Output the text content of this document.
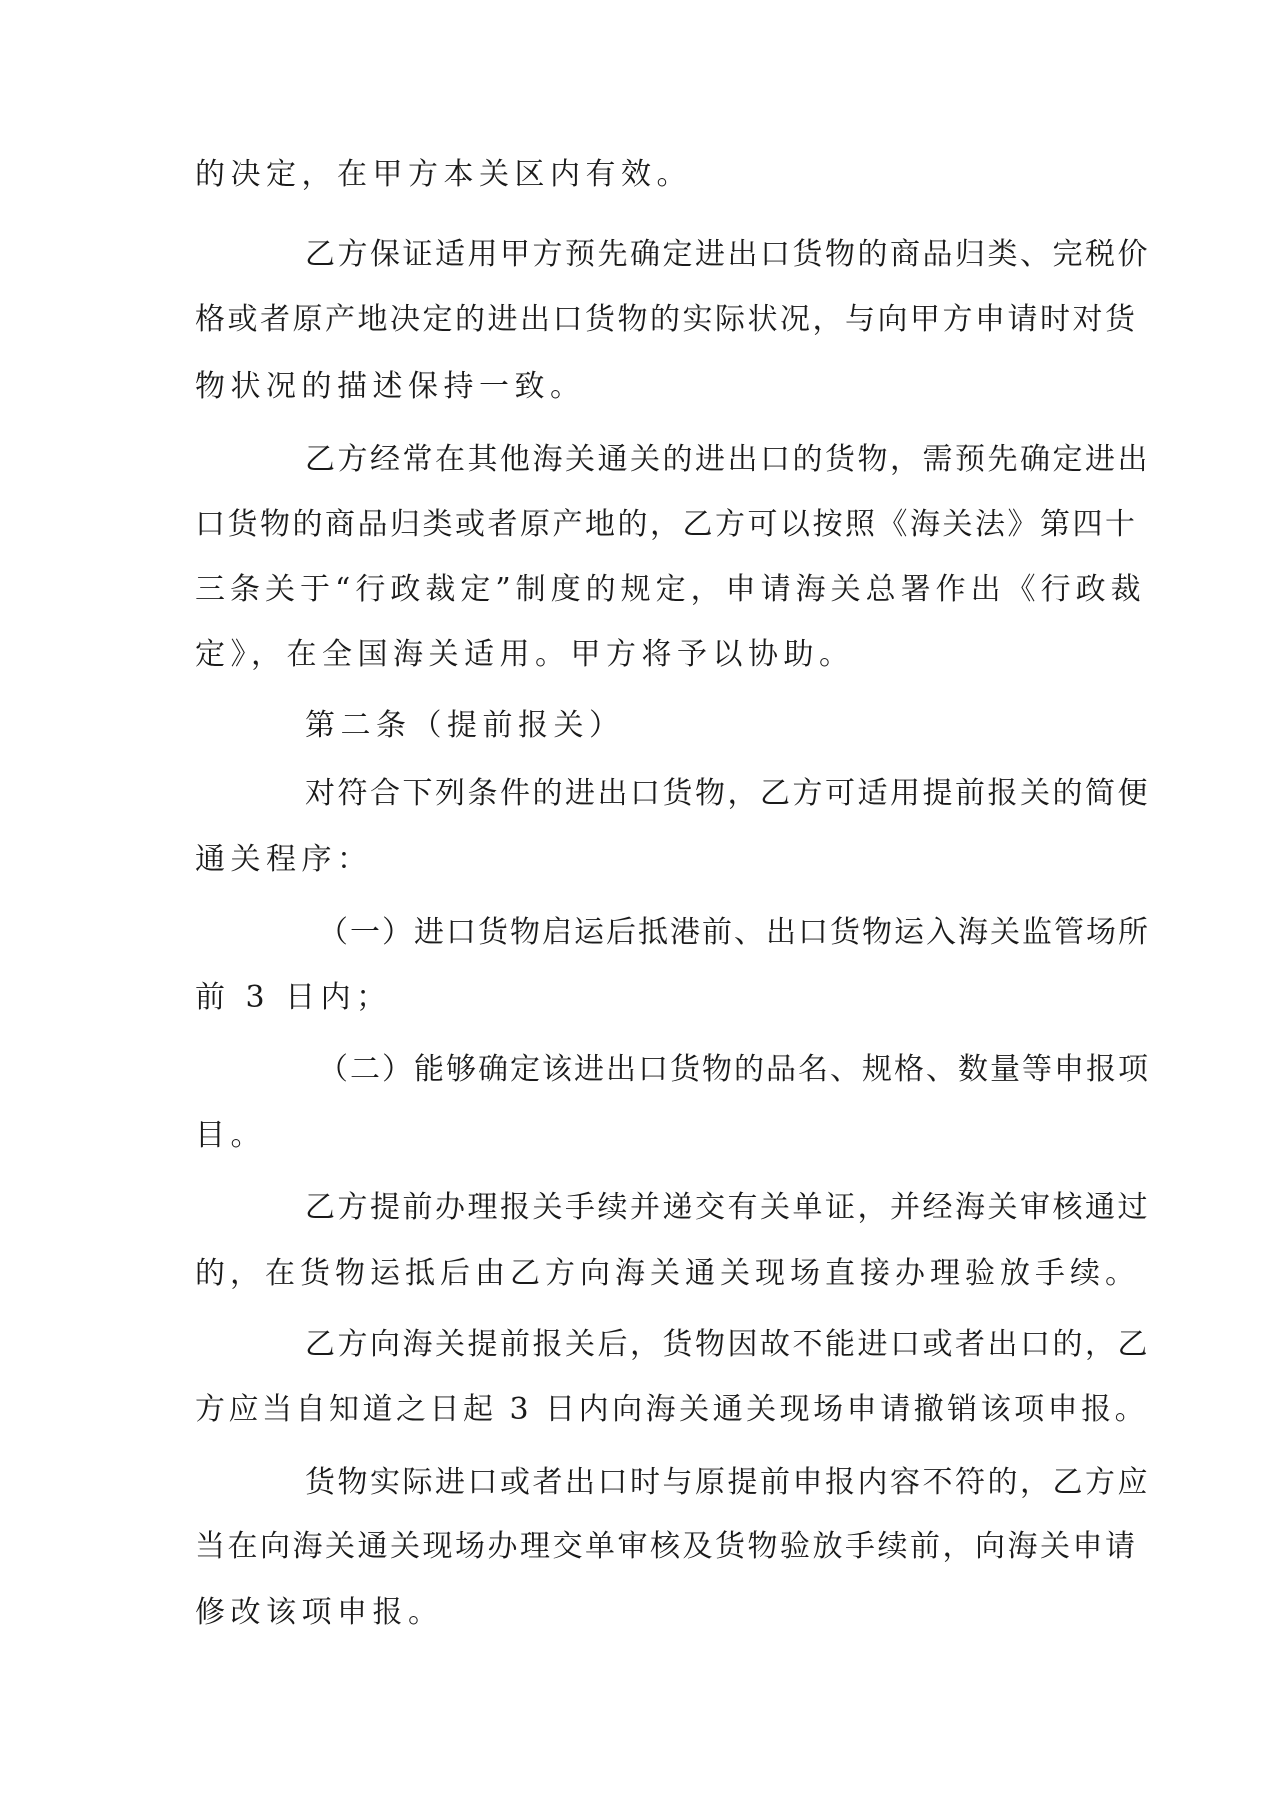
的决定，在甲方本关区内有效。
乙方保证适用甲方预先确定进出口货物的商品归类、完税价
格或者原产地决定的进出口货物的实际状况，与向甲方申请时对货
物状况的描述保持一致。
乙方经常在其他海关通关的进出口的货物，需预先确定进出
口货物的商品归类或者原产地的，乙方可以按照《海关法》第四十
三条关于“行政裁定”制度的规定，申请海关总署作出《行政裁
定》，在全国海关适用。甲方将予以协助。
第二条（提前报关）
对符合下列条件的进出口货物，乙方可适用提前报关的简便
通关程序：
（一）进口货物启运后抵港前、出口货物运入海关监管场所
前 3 日内；
（二）能够确定该进出口货物的品名、规格、数量等申报项
目。
乙方提前办理报关手续并递交有关单证，并经海关审核通过
的，在货物运抵后由乙方向海关通关现场直接办理验放手续。
乙方向海关提前报关后，货物因故不能进口或者出口的，乙
方应当自知道之日起 3 日内向海关通关现场申请撤销该项申报。
货物实际进口或者出口时与原提前申报内容不符的，乙方应
当在向海关通关现场办理交单审核及货物验放手续前，向海关申请
修改该项申报。
